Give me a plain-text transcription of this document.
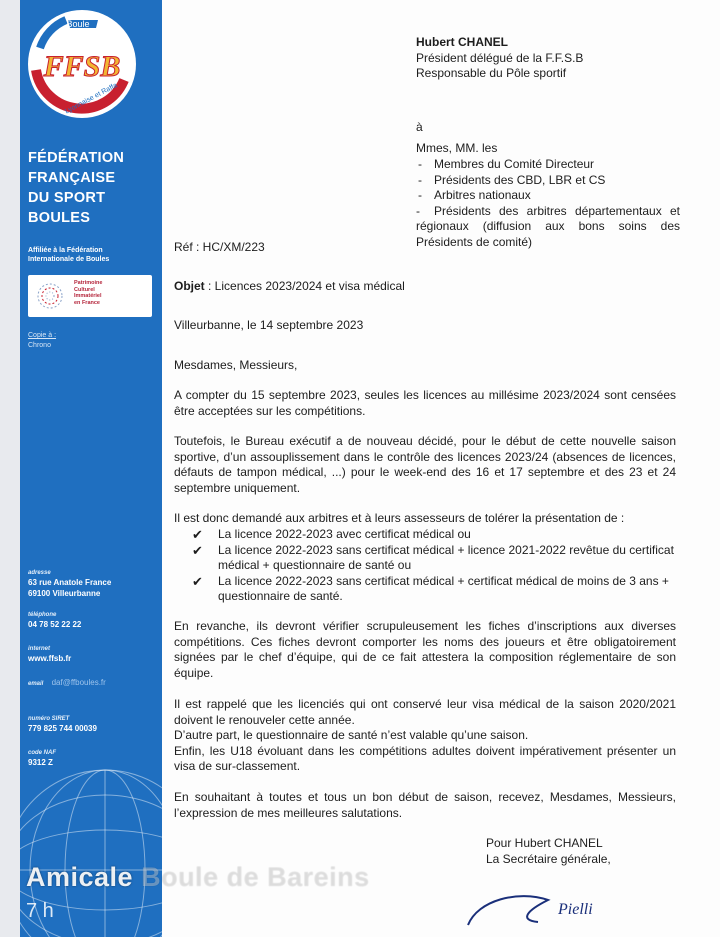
Boule
FFSB
Lyonnaise et Raffa
FÉDÉRATION
FRANÇAISE
DU SPORT
BOULES
Affiliée à la Fédération
Internationale de Boules
Patrimoine
Culturel
Immatériel
en France
Copie à :
Chrono
adresse
63 rue Anatole France
69100 Villeurbanne
téléphone
04 78 52 22 22
internet
www.ffsb.fr
email daf@ffboules.fr
numéro SIRET
779 825 744 00039
code NAF
9312 Z
Hubert CHANEL
Président délégué de la F.F.S.B
Responsable du Pôle sportif
à
Mmes, MM. les
- Membres du Comité Directeur
- Présidents des CBD, LBR et CS
- Arbitres nationaux
- Présidents des arbitres départementaux et régionaux (diffusion aux bons soins des Présidents de comité)
Réf : HC/XM/223
Objet : Licences 2023/2024 et visa médical
Villeurbanne, le 14 septembre 2023
Mesdames, Messieurs,
A compter du 15 septembre 2023, seules les licences au millésime 2023/2024 sont censées être acceptées sur les compétitions.
Toutefois, le Bureau exécutif a de nouveau décidé, pour le début de cette nouvelle saison sportive, d’un assouplissement dans le contrôle des licences 2023/24 (absences de licences, défauts de tampon médical, ...) pour le week-end des 16 et 17 septembre et des 23 et 24 septembre uniquement.
Il est donc demandé aux arbitres et à leurs assesseurs de tolérer la présentation de :
✔ La licence 2022-2023 avec certificat médical ou
✔ La licence 2022-2023 sans certificat médical + licence 2021-2022 revêtue du certificat médical + questionnaire de santé ou
✔ La licence 2022-2023 sans certificat médical + certificat médical de moins de 3 ans + questionnaire de santé.
En revanche, ils devront vérifier scrupuleusement les fiches d’inscriptions aux diverses compétitions. Ces fiches devront comporter les noms des joueurs et être obligatoirement signées par le chef d’équipe, qui de ce fait attestera la composition réglementaire de son équipe.
Il est rappelé que les licenciés qui ont conservé leur visa médical de la saison 2020/2021 doivent le renouveler cette année.
D’autre part, le questionnaire de santé n’est valable qu’une saison.
Enfin, les U18 évoluant dans les compétitions adultes doivent impérativement présenter un visa de sur-classement.
En souhaitant à toutes et tous un bon début de saison, recevez, Mesdames, Messieurs, l’expression de mes meilleures salutations.
Pour Hubert CHANEL
La Secrétaire générale,
Pielli
Amicale Boule de Bareins
7 h
